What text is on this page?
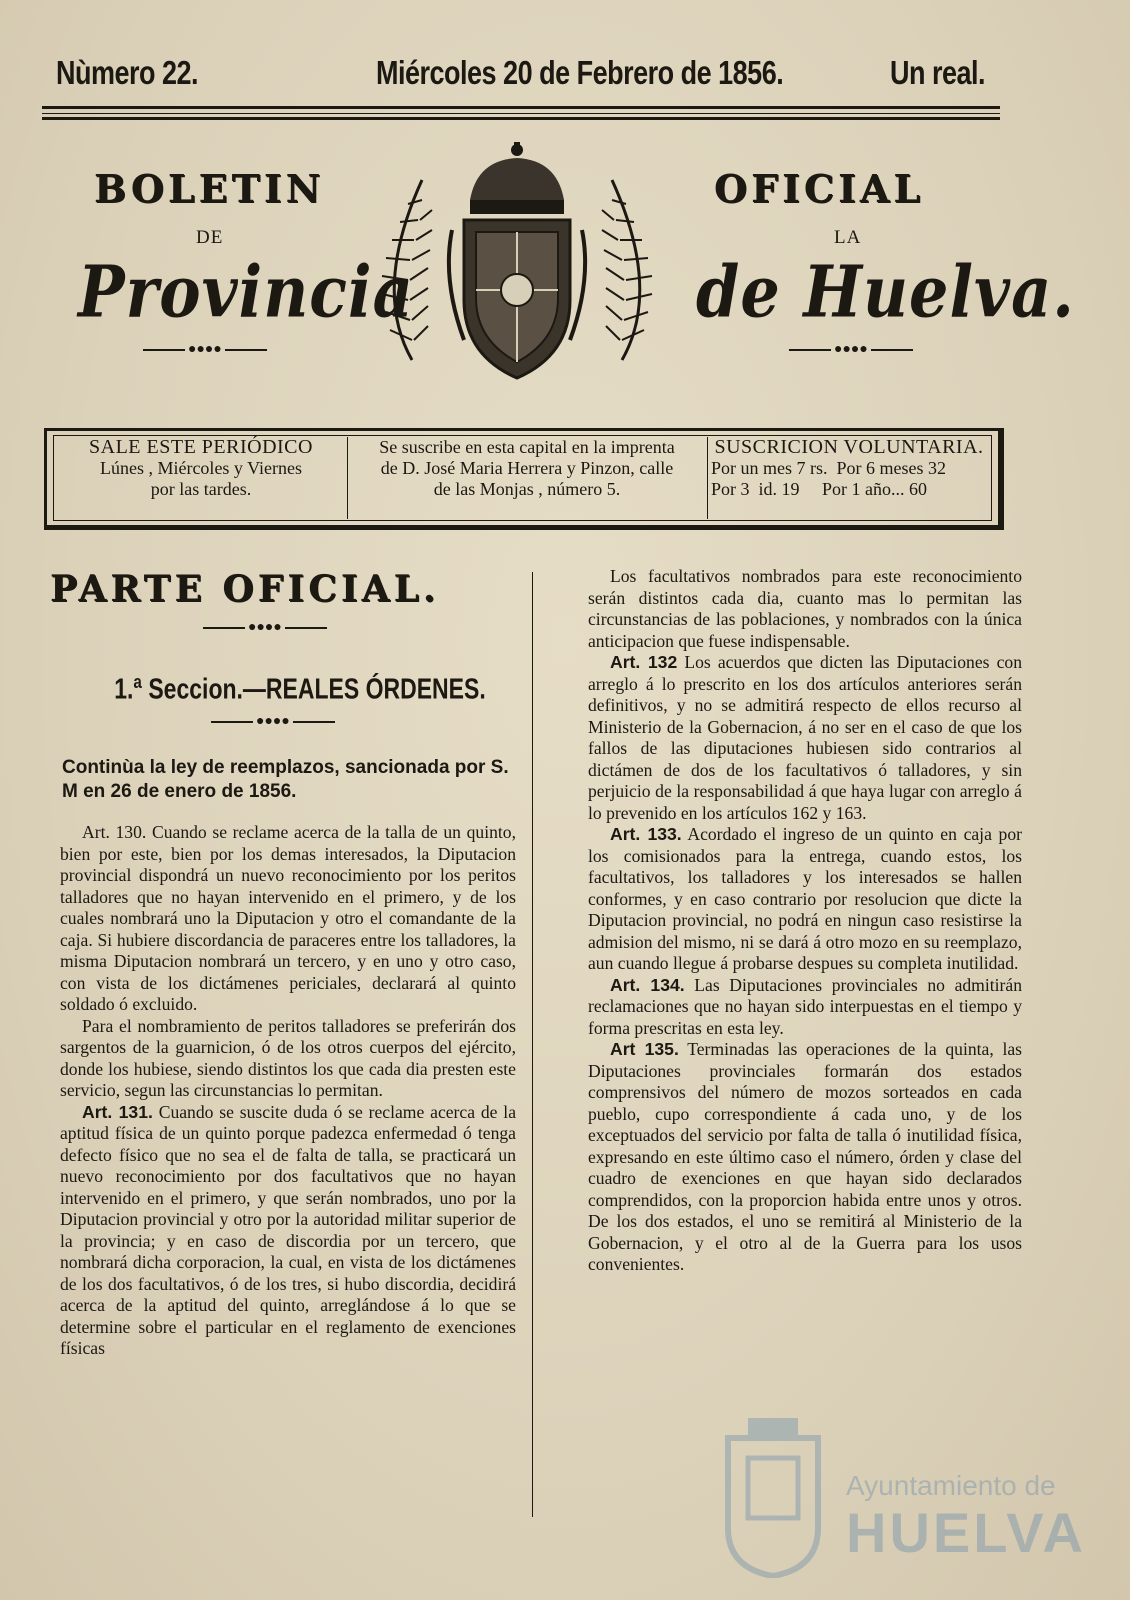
Nùmero 22.	Miércoles 20 de Febrero de 1856.	Un real.
BOLETIN
DE
Provincia
●●●●
OFICIAL
LA
de Huelva.
●●●●
SALE ESTE PERIÓDICO
Lúnes , Miércoles y Viernes
por las tardes.
Se suscribe en esta capital en la imprenta
de D. José Maria Herrera y Pinzon, calle
de las Monjas , número 5.
SUSCRICION VOLUNTARIA.
Por un mes 7 rs.  Por 6 meses 32
Por 3  id. 19     Por 1 año... 60
PARTE OFICIAL.
●●●●
1.ª Seccion.—REALES ÓRDENES.
●●●●
Continùa la ley de reemplazos, sancionada por S. M en 26 de enero de 1856.

Art. 130. Cuando se reclame acerca de la talla de un quinto, bien por este, bien por los demas interesados, la Diputacion provincial dispondrá un nuevo reconocimiento por los peritos talladores que no hayan intervenido en el primero, y de los cuales nombrará uno la Diputacion y otro el comandante de la caja. Si hubiere discordancia de paraceres entre los talladores, la misma Diputacion nombrará un tercero, y en uno y otro caso, con vista de los dictámenes periciales, declarará al quinto soldado ó excluido.

Para el nombramiento de peritos talladores se preferirán dos sargentos de la guarnicion, ó de los otros cuerpos del ejército, donde los hubiese, siendo distintos los que cada dia presten este servicio, segun las circunstancias lo permitan.

Art. 131. Cuando se suscite duda ó se reclame acerca de la aptitud física de un quinto porque padezca enfermedad ó tenga defecto físico que no sea el de falta de talla, se practicará un nuevo reconocimiento por dos facultativos que no hayan intervenido en el primero, y que serán nombrados, uno por la Diputacion provincial y otro por la autoridad militar superior de la provincia; y en caso de discordia por un tercero, que nombrará dicha corporacion, la cual, en vista de los dictámenes de los dos facultativos, ó de los tres, si hubo discordia, decidirá acerca de la aptitud del quinto, arreglándose á lo que se determine sobre el particular en el reglamento de exenciones físicas

Los facultativos nombrados para este reconocimiento serán distintos cada dia, cuanto mas lo permitan las circunstancias de las poblaciones, y nombrados con la única anticipacion que fuese indispensable.

Art. 132 Los acuerdos que dicten las Diputaciones con arreglo á lo prescrito en los dos artículos anteriores serán definitivos, y no se admitirá respecto de ellos recurso al Ministerio de la Gobernacion, á no ser en el caso de que los fallos de las diputaciones hubiesen sido contrarios al dictámen de dos de los facultativos ó talladores, y sin perjuicio de la responsabilidad á que haya lugar con arreglo á lo prevenido en los artículos 162 y 163.

Art. 133. Acordado el ingreso de un quinto en caja por los comisionados para la entrega, cuando estos, los facultativos, los talladores y los interesados se hallen conformes, y en caso contrario por resolucion que dicte la Diputacion provincial, no podrá en ningun caso resistirse la admision del mismo, ni se dará á otro mozo en su reemplazo, aun cuando llegue á probarse despues su completa inutilidad.

Art. 134. Las Diputaciones provinciales no admitirán reclamaciones que no hayan sido interpuestas en el tiempo y forma prescritas en esta ley.

Art 135. Terminadas las operaciones de la quinta, las Diputaciones provinciales formarán dos estados comprensivos del número de mozos sorteados en cada pueblo, cupo correspondiente á cada uno, y de los exceptuados del servicio por falta de talla ó inutilidad física, expresando en este último caso el número, órden y clase del cuadro de exenciones en que hayan sido declarados comprendidos, con la proporcion habida entre unos y otros. De los dos estados, el uno se remitirá al Ministerio de la Gobernacion, y el otro al de la Guerra para los usos convenientes.

Ayuntamiento de
HUELVA
